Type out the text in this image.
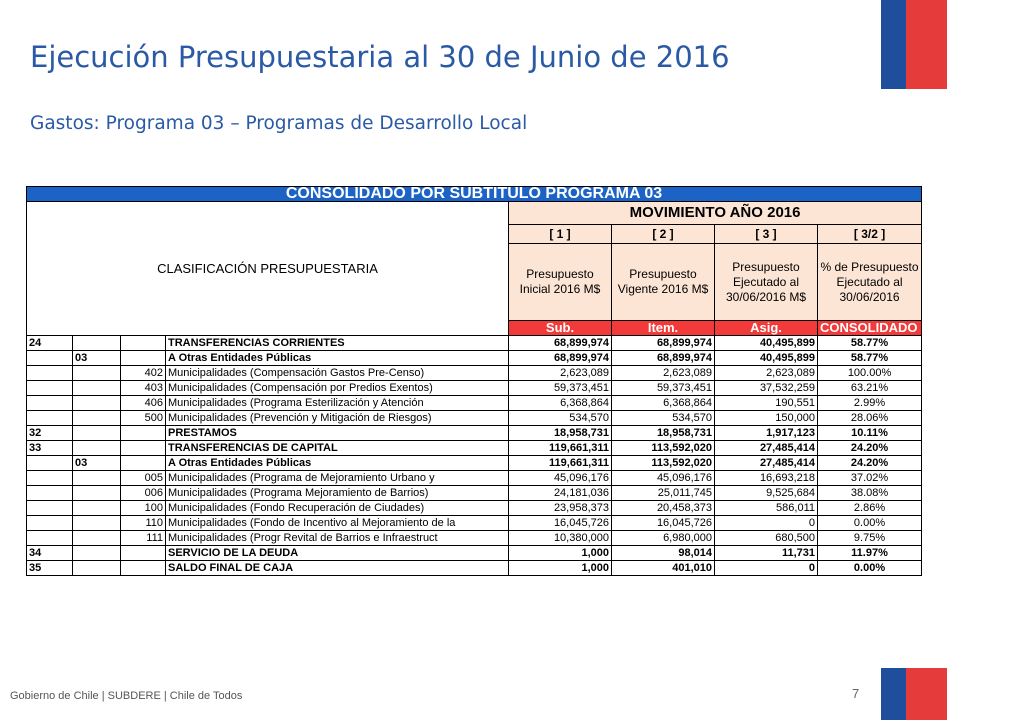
Ejecución Presupuestaria al 30 de Junio de 2016
Gastos: Programa 03 – Programas de Desarrollo Local
CONSOLIDADO POR SUBTITULO PROGRAMA 03								
CLASIFICACIÓN PRESUPUESTARIA				MOVIMIENTO AÑO 2016				
				[ 1 ]	[ 2 ]	[ 3 ]	[ 3/2 ]	
				Presupuesto Inicial 2016 M$	Presupuesto Vigente 2016 M$	Presupuesto Ejecutado al 30/06/2016 M$	% de Presupuesto Ejecutado al 30/06/2016	
				Sub.	Item.	Asig.	CONSOLIDADO PROGRAMA 03				
24			TRANSFERENCIAS CORRIENTES	68,899,974	68,899,974	40,495,899	58.77%	
	03		A Otras Entidades Públicas	68,899,974	68,899,974	40,495,899	58.77%	
		402	Municipalidades (Compensación Gastos Pre-Censo)	2,623,089	2,623,089	2,623,089	100.00%	
		403	Municipalidades (Compensación por Predios Exentos)	59,373,451	59,373,451	37,532,259	63.21%	
		406	Municipalidades (Programa Esterilización y Atención	6,368,864	6,368,864	190,551	2.99%	
		500	Municipalidades (Prevención y Mitigación de Riesgos)	534,570	534,570	150,000	28.06%	
32			PRESTAMOS	18,958,731	18,958,731	1,917,123	10.11%	
33			TRANSFERENCIAS DE CAPITAL	119,661,311	113,592,020	27,485,414	24.20%	
	03		A Otras Entidades Públicas	119,661,311	113,592,020	27,485,414	24.20%	
		005	Municipalidades (Programa de Mejoramiento Urbano y	45,096,176	45,096,176	16,693,218	37.02%	
		006	Municipalidades (Programa Mejoramiento de Barrios)	24,181,036	25,011,745	9,525,684	38.08%	
		100	Municipalidades (Fondo Recuperación de Ciudades)	23,958,373	20,458,373	586,011	2.86%	
		110	Municipalidades (Fondo de Incentivo al Mejoramiento de la	16,045,726	16,045,726	0	0.00%	
		111	Municipalidades (Progr Revital de Barrios e Infraestruct	10,380,000	6,980,000	680,500	9.75%	
34			SERVICIO DE LA DEUDA	1,000	98,014	11,731	11.97%	
35			SALDO FINAL DE CAJA	1,000	401,010	0	0.00%	
Gobierno de Chile | SUBDERE | Chile de Todos	7
